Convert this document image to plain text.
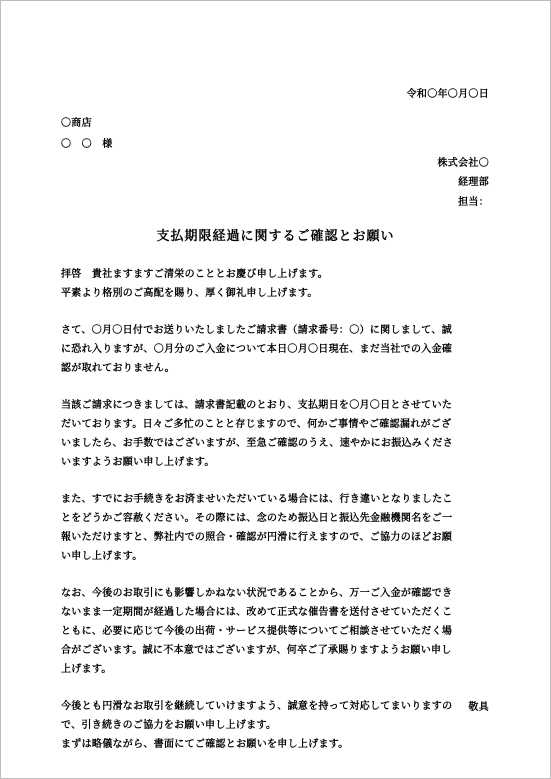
令和〇年〇月〇日
〇商店
〇　〇　様
株式会社〇
経理部
担当：
支払期限経過に関するご確認とお願い
拝啓　貴社ますますご清栄のこととお慶び申し上げます。
平素より格別のご高配を賜り、厚く御礼申し上げます。
さて、〇月〇日付でお送りいたしましたご請求書（請求番号：〇）に関しまして、誠
に恐れ入りますが、〇月分のご入金について本日〇月〇日現在、まだ当社での入金確
認が取れておりません。
当該ご請求につきましては、請求書記載のとおり、支払期日を〇月〇日とさせていた
だいております。日々ご多忙のことと存じますので、何かご事情やご確認漏れがござ
いましたら、お手数ではございますが、至急ご確認のうえ、速やかにお振込みくださ
いますようお願い申し上げます。
また、すでにお手続きをお済ませいただいている場合には、行き違いとなりましたこ
とをどうかご容赦ください。その際には、念のため振込日と振込先金融機関名をご一
報いただけますと、弊社内での照合・確認が円滑に行えますので、ご協力のほどお願
い申し上げます。
なお、今後のお取引にも影響しかねない状況であることから、万一ご入金が確認でき
ないまま一定期間が経過した場合には、改めて正式な催告書を送付させていただくこ
ともに、必要に応じて今後の出荷・サービス提供等についてご相談させていただく場
合がございます。誠に不本意ではございますが、何卒ご了承賜りますようお願い申し
上げます。
今後とも円滑なお取引を継続していけますよう、誠意を持って対応してまいりますの
で、引き続きのご協力をお願い申し上げます。
まずは略儀ながら、書面にてご確認とお願いを申し上げます。
敬具
